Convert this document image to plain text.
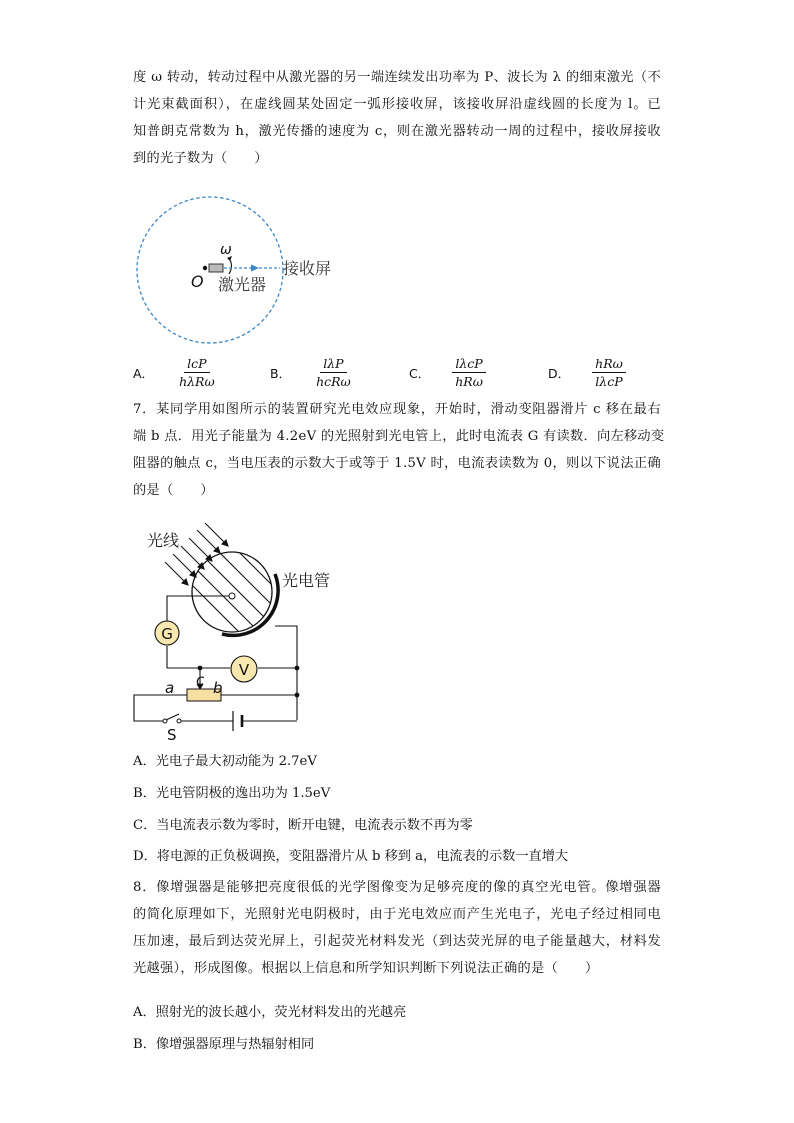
度 ω 转动，转动过程中从激光器的另一端连续发出功率为 P、波长为 λ 的细束激光（不
计光束截面积），在虚线圆某处固定一弧形接收屏，该接收屏沿虚线圆的长度为 l。已
知普朗克常数为 h，激光传播的速度为 c，则在激光器转动一周的过程中，接收屏接收
到的光子数为（　　）
ω
O 激光器
接收屏
A． $\frac{\text{lcP}}{\text{hλRω}}$	B． $\frac{\text{lλP}}{\text{hcRω}}$	C． $\frac{\text{lλcP}}{\text{hRω}}$	D． $\frac{\text{hRω}}{\text{lλcP}}$
7．某同学用如图所示的装置研究光电效应现象，开始时，滑动变阻器滑片 c 移在最右
端 b 点．用光子能量为 4.2eV 的光照射到光电管上，此时电流表 G 有读数．向左移动变
阻器的触点 c，当电压表的示数大于或等于 1.5V 时，电流表读数为 0，则以下说法正确
的是（　　）
光线
光电管
G
V
a	b
c
S
A．光电子最大初动能为 2.7eV
B．光电管阴极的逸出功为 1.5eV
C．当电流表示数为零时，断开电键，电流表示数不再为零
D．将电源的正负极调换，变阻器滑片从 b 移到 a，电流表的示数一直增大
8．像增强器是能够把亮度很低的光学图像变为足够亮度的像的真空光电管。像增强器
的简化原理如下，光照射光电阴极时，由于光电效应而产生光电子，光电子经过相同电
压加速，最后到达荧光屏上，引起荧光材料发光（到达荧光屏的电子能量越大，材料发
光越强），形成图像。根据以上信息和所学知识判断下列说法正确的是（　　）
A．照射光的波长越小，荧光材料发出的光越亮
B．像增强器原理与热辐射相同
